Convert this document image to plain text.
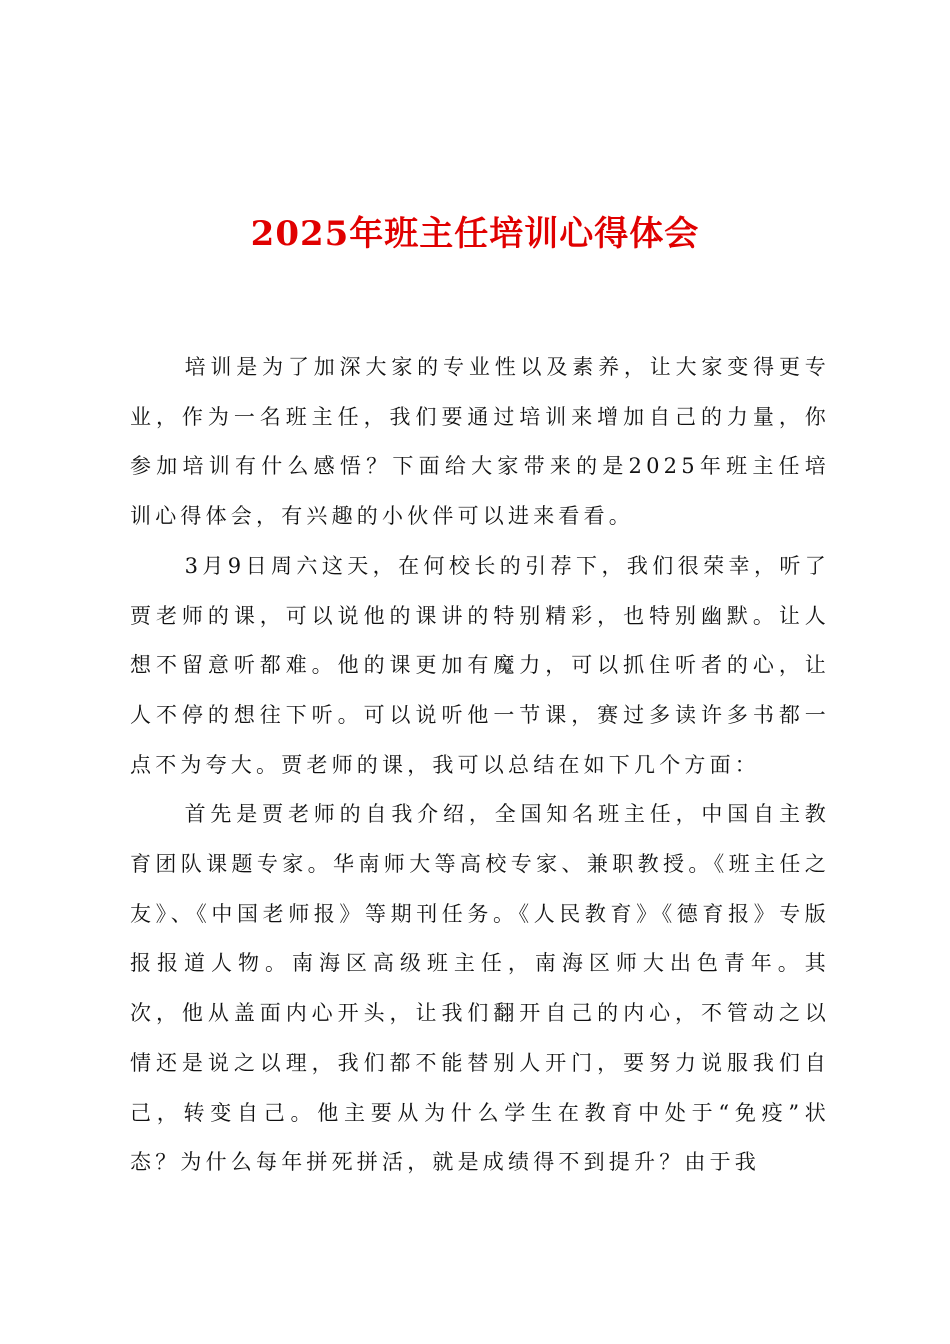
2025年班主任培训心得体会

培训是为了加深大家的专业性以及素养，让大家变得更专业，作为一名班主任，我们要通过培训来增加自己的力量，你参加培训有什么感悟？下面给大家带来的是2025年班主任培训心得体会，有兴趣的小伙伴可以进来看看。

3月9日周六这天，在何校长的引荐下，我们很荣幸，听了贾老师的课，可以说他的课讲的特别精彩，也特别幽默。让人想不留意听都难。他的课更加有魔力，可以抓住听者的心，让人不停的想往下听。可以说听他一节课，赛过多读许多书都一点不为夸大。贾老师的课，我可以总结在如下几个方面：

首先是贾老师的自我介绍，全国知名班主任，中国自主教育团队课题专家。华南师大等高校专家、兼职教授。《班主任之友》、《中国老师报》等期刊任务。《人民教育》《德育报》专版报报道人物。南海区高级班主任，南海区师大出色青年。其次，他从盖面内心开头，让我们翻开自己的内心，不管动之以情还是说之以理，我们都不能替别人开门，要努力说服我们自己，转变自己。他主要从为什么学生在教育中处于“免疫”状态？为什么每年拼死拼活，就是成绩得不到提升？由于我
